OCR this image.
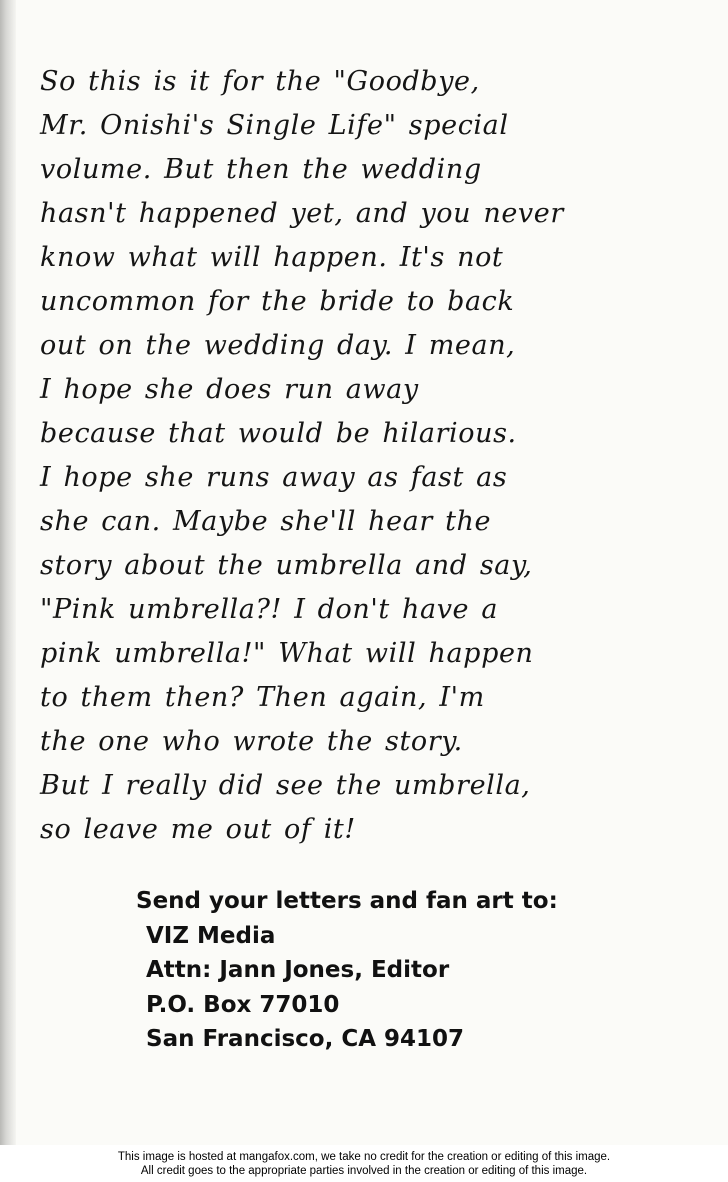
So this is it for the "Goodbye,
Mr. Onishi's Single Life" special
volume. But then the wedding
hasn't happened yet, and you never
know what will happen. It's not
uncommon for the bride to back
out on the wedding day. I mean,
I hope she does run away
because that would be hilarious.
I hope she runs away as fast as
she can. Maybe she'll hear the
story about the umbrella and say,
"Pink umbrella?! I don't have a
pink umbrella!" What will happen
to them then? Then again, I'm
the one who wrote the story.
But I really did see the umbrella,
so leave me out of it!
Send your letters and fan art to:
VIZ Media
Attn: Jann Jones, Editor
P.O. Box 77010
San Francisco, CA 94107
This image is hosted at mangafox.com, we take no credit for the creation or editing of this image.
All credit goes to the appropriate parties involved in the creation or editing of this image.
